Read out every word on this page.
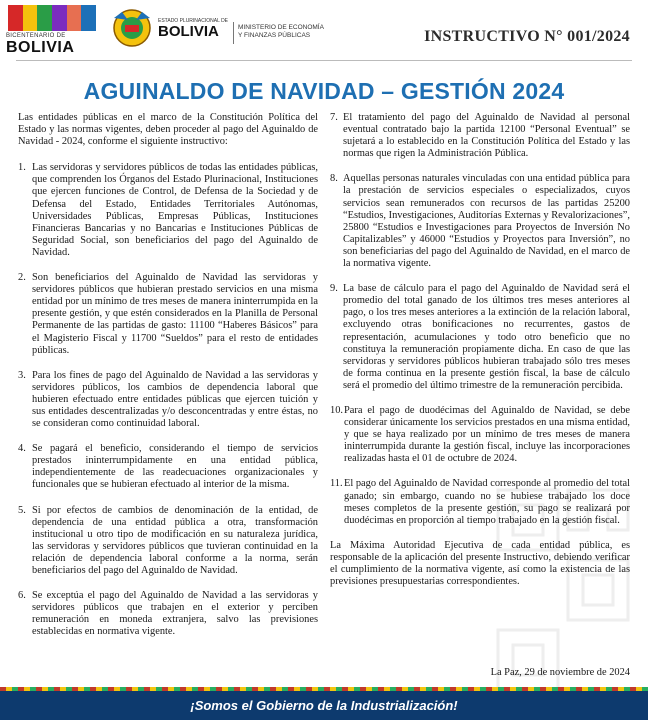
BICENTENARIO DE
BOLIVIA
ESTADO PLURINACIONAL DE
BOLIVIA	MINISTERIO DE ECONOMÍA
Y FINANZAS PÚBLICAS	INSTRUCTIVO N° 001/2024
AGUINALDO DE NAVIDAD – GESTIÓN 2024

Las entidades públicas en el marco de la Constitución Política del Estado y las normas vigentes, deben proceder al pago del Aguinaldo de Navidad - 2024, conforme el siguiente instructivo:

1. Las servidoras y servidores públicos de todas las entidades públicas, que comprenden los Órganos del Estado Plurinacional, Instituciones que ejercen funciones de Control, de Defensa de la Sociedad y de Defensa del Estado, Entidades Territoriales Autónomas, Universidades Públicas, Empresas Públicas, Instituciones Financieras Bancarias y no Bancarias e Instituciones Públicas de Seguridad Social, son beneficiarios del pago del Aguinaldo de Navidad.
2. Son beneficiarios del Aguinaldo de Navidad las servidoras y servidores públicos que hubieran prestado servicios en una misma entidad por un mínimo de tres meses de manera ininterrumpida en la presente gestión, y que estén considerados en la Planilla de Personal Permanente de las partidas de gasto: 11100 “Haberes Básicos” para el Magisterio Fiscal y 11700 “Sueldos” para el resto de entidades públicas.
3. Para los fines de pago del Aguinaldo de Navidad a las servidoras y servidores públicos, los cambios de dependencia laboral que hubieren efectuado entre entidades públicas que ejercen tuición y sus entidades descentralizadas y/o desconcentradas y entre éstas, no se consideran como continuidad laboral.
4. Se pagará el beneficio, considerando el tiempo de servicios prestados ininterrumpidamente en una entidad pública, independientemente de las readecuaciones organizacionales y funcionales que se hubieran efectuado al interior de la misma.
5. Si por efectos de cambios de denominación de la entidad, de dependencia de una entidad pública a otra, transformación institucional u otro tipo de modificación en su naturaleza jurídica, las servidoras y servidores públicos que tuvieran continuidad en la relación de dependencia laboral conforme a la norma, serán beneficiarios del pago del Aguinaldo de Navidad.
6. Se exceptúa el pago del Aguinaldo de Navidad a las servidoras y servidores públicos que trabajen en el exterior y perciben remuneración en moneda extranjera, salvo las previsiones establecidas en normativa vigente.
7. El tratamiento del pago del Aguinaldo de Navidad al personal eventual contratado bajo la partida 12100 “Personal Eventual” se sujetará a lo establecido en la Constitución Política del Estado y las normas que rigen la Administración Pública.
8. Aquellas personas naturales vinculadas con una entidad pública para la prestación de servicios especiales o especializados, cuyos servicios sean remunerados con recursos de las partidas 25200 “Estudios, Investigaciones, Auditorías Externas y Revalorizaciones”, 25800 “Estudios e Investigaciones para Proyectos de Inversión No Capitalizables” y 46000 “Estudios y Proyectos para Inversión”, no son beneficiarias del pago del Aguinaldo de Navidad, en el marco de la normativa vigente.
9. La base de cálculo para el pago del Aguinaldo de Navidad será el promedio del total ganado de los últimos tres meses anteriores al pago, o los tres meses anteriores a la extinción de la relación laboral, excluyendo otras bonificaciones no recurrentes, gastos de representación, acumulaciones y todo otro beneficio que no constituya la remuneración propiamente dicha. En caso de que las servidoras y servidores públicos hubieran trabajado sólo tres meses de forma continua en la presente gestión fiscal, la base de cálculo será el promedio del último trimestre de la remuneración percibida.
10. Para el pago de duodécimas del Aguinaldo de Navidad, se debe considerar únicamente los servicios prestados en una misma entidad, y que se haya realizado por un mínimo de tres meses de manera ininterrumpida durante la gestión fiscal, incluye las incorporaciones realizadas hasta el 01 de octubre de 2024.
11. El pago del Aguinaldo de Navidad corresponde al promedio del total ganado; sin embargo, cuando no se hubiese trabajado los doce meses completos de la presente gestión, su pago se realizará por duodécimas en proporción al tiempo trabajado en la gestión fiscal.

La Máxima Autoridad Ejecutiva de cada entidad pública, es responsable de la aplicación del presente Instructivo, debiendo verificar el cumplimiento de la normativa vigente, así como la existencia de las previsiones presupuestarias correspondientes.

La Paz, 29 de noviembre de 2024
¡Somos el Gobierno de la Industrialización!
